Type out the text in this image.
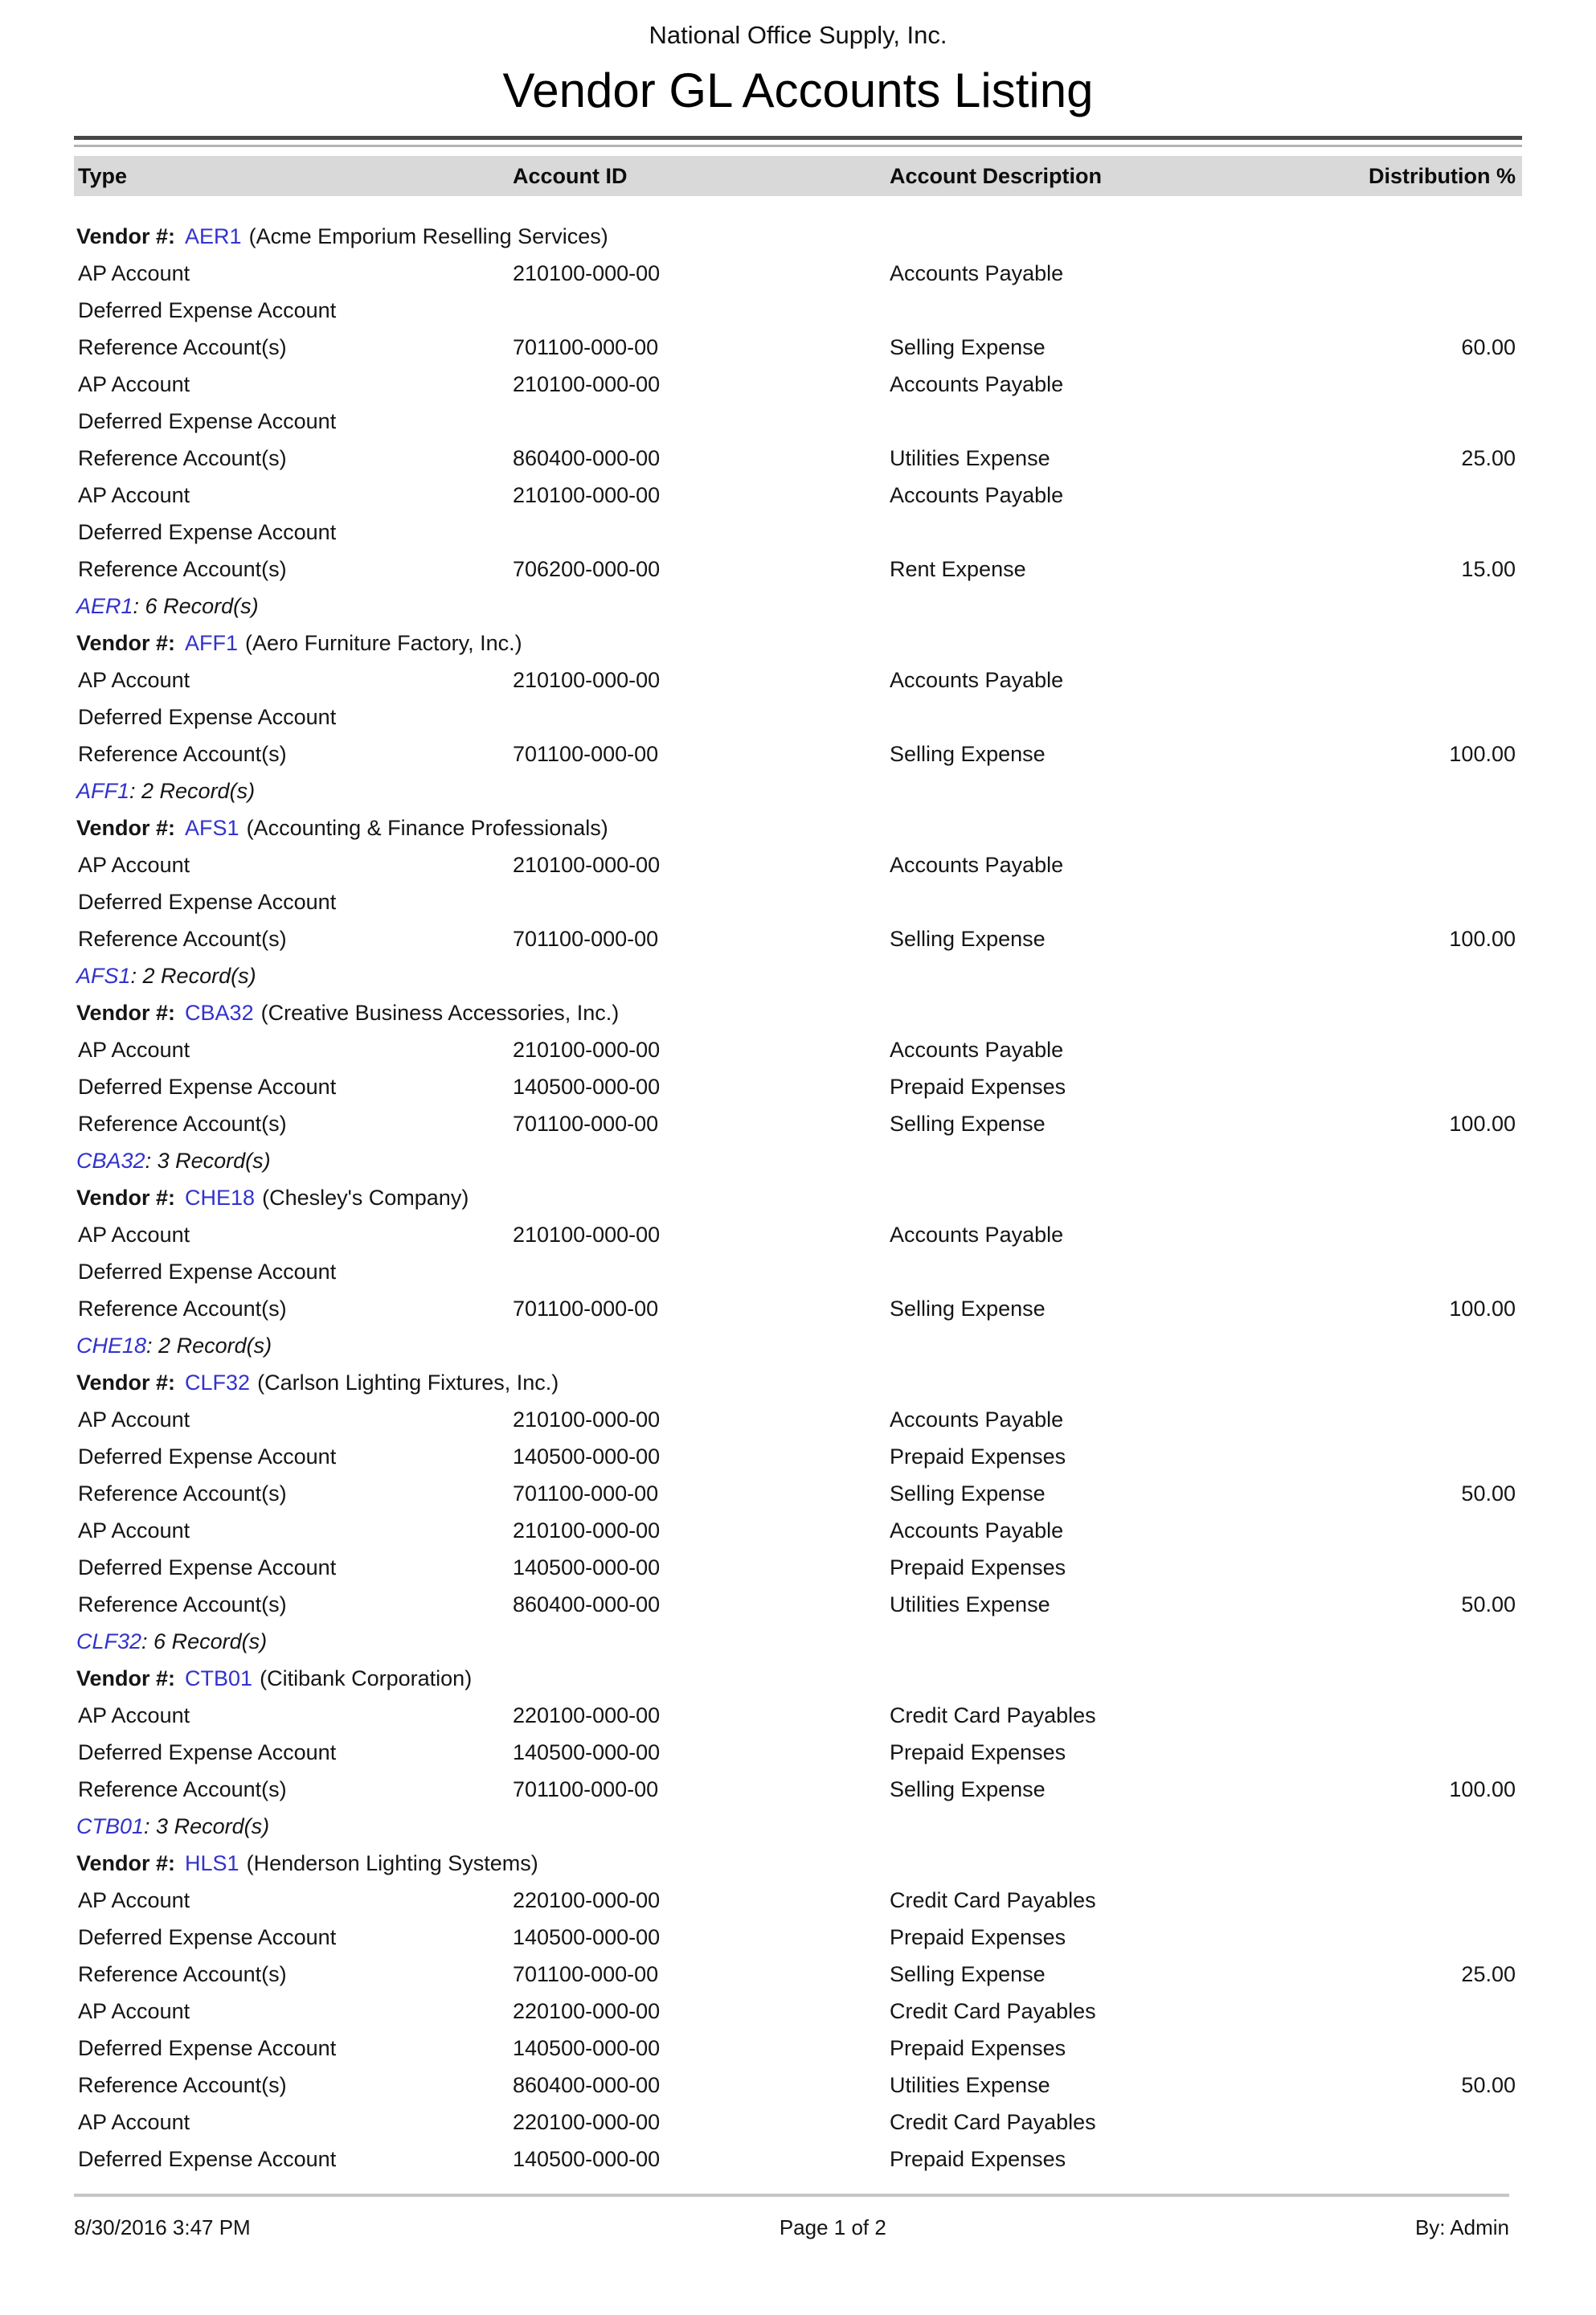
National Office Supply, Inc.
Vendor GL Accounts Listing
Type	Account ID	Account Description	Distribution %
Vendor #: AER1 (Acme Emporium Reselling Services)
AP Account	210100-000-00	Accounts Payable
Deferred Expense Account
Reference Account(s)	701100-000-00	Selling Expense	60.00
AP Account	210100-000-00	Accounts Payable
Deferred Expense Account
Reference Account(s)	860400-000-00	Utilities Expense	25.00
AP Account	210100-000-00	Accounts Payable
Deferred Expense Account
Reference Account(s)	706200-000-00	Rent Expense	15.00
AER1 : 6 Record(s)
Vendor #: AFF1 (Aero Furniture Factory, Inc.)
AP Account	210100-000-00	Accounts Payable
Deferred Expense Account
Reference Account(s)	701100-000-00	Selling Expense	100.00
AFF1 : 2 Record(s)
Vendor #: AFS1 (Accounting & Finance Professionals)
AP Account	210100-000-00	Accounts Payable
Deferred Expense Account
Reference Account(s)	701100-000-00	Selling Expense	100.00
AFS1 : 2 Record(s)
Vendor #: CBA32 (Creative Business Accessories, Inc.)
AP Account	210100-000-00	Accounts Payable
Deferred Expense Account	140500-000-00	Prepaid Expenses
Reference Account(s)	701100-000-00	Selling Expense	100.00
CBA32 : 3 Record(s)
Vendor #: CHE18 (Chesley's Company)
AP Account	210100-000-00	Accounts Payable
Deferred Expense Account
Reference Account(s)	701100-000-00	Selling Expense	100.00
CHE18 : 2 Record(s)
Vendor #: CLF32 (Carlson Lighting Fixtures, Inc.)
AP Account	210100-000-00	Accounts Payable
Deferred Expense Account	140500-000-00	Prepaid Expenses
Reference Account(s)	701100-000-00	Selling Expense	50.00
AP Account	210100-000-00	Accounts Payable
Deferred Expense Account	140500-000-00	Prepaid Expenses
Reference Account(s)	860400-000-00	Utilities Expense	50.00
CLF32 : 6 Record(s)
Vendor #: CTB01 (Citibank Corporation)
AP Account	220100-000-00	Credit Card Payables
Deferred Expense Account	140500-000-00	Prepaid Expenses
Reference Account(s)	701100-000-00	Selling Expense	100.00
CTB01 : 3 Record(s)
Vendor #: HLS1 (Henderson Lighting Systems)
AP Account	220100-000-00	Credit Card Payables
Deferred Expense Account	140500-000-00	Prepaid Expenses
Reference Account(s)	701100-000-00	Selling Expense	25.00
AP Account	220100-000-00	Credit Card Payables
Deferred Expense Account	140500-000-00	Prepaid Expenses
Reference Account(s)	860400-000-00	Utilities Expense	50.00
AP Account	220100-000-00	Credit Card Payables
Deferred Expense Account	140500-000-00	Prepaid Expenses
8/30/2016 3:47 PM	Page 1 of 2	By: Admin
